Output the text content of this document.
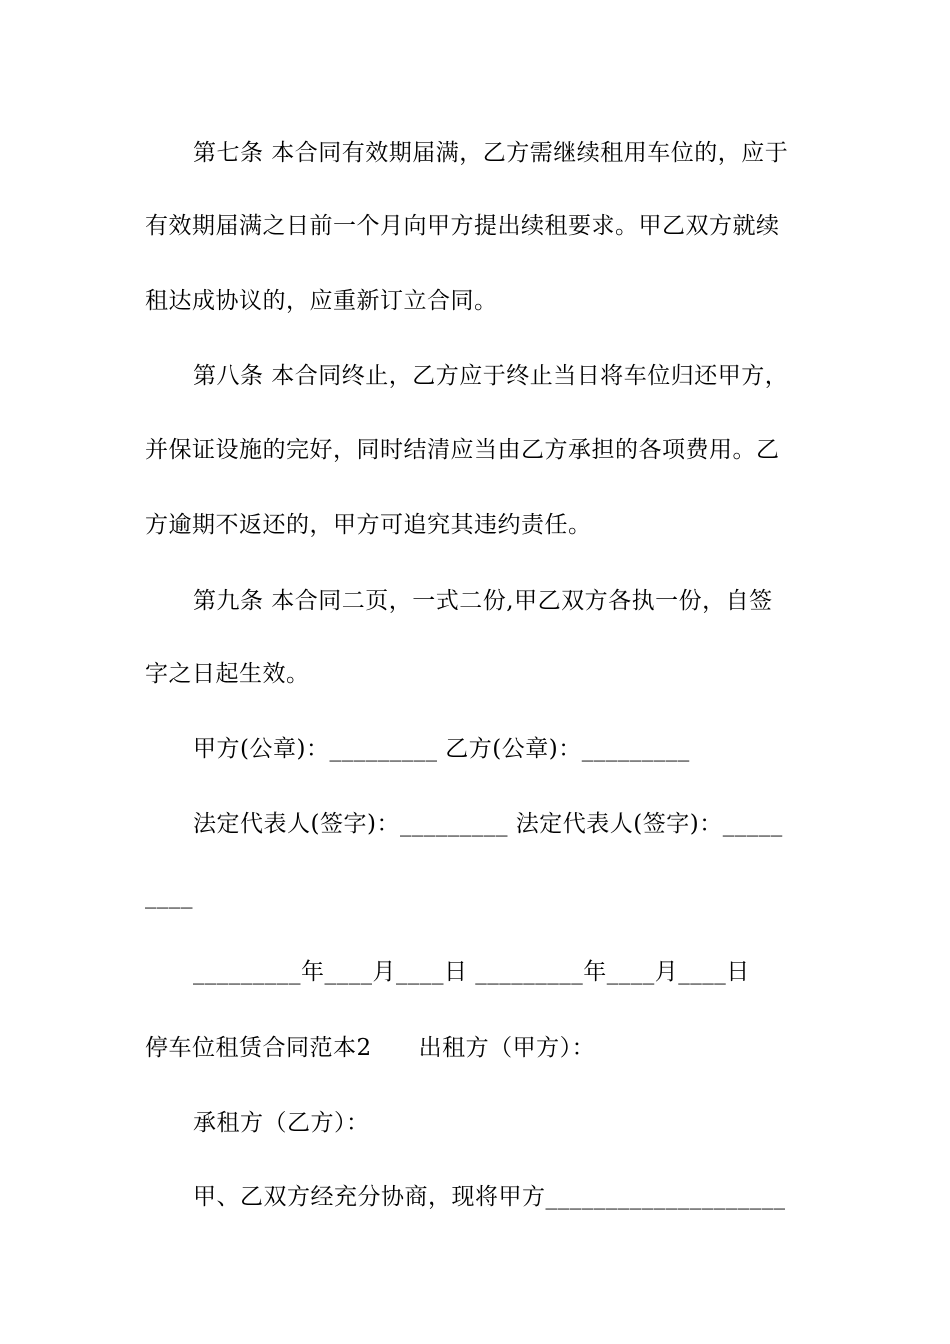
第七条 本合同有效期届满，乙方需继续租用车位的，应于
有效期届满之日前一个月向甲方提出续租要求。甲乙双方就续
租达成协议的，应重新订立合同。
第八条 本合同终止，乙方应于终止当日将车位归还甲方，
并保证设施的完好，同时结清应当由乙方承担的各项费用。乙
方逾期不返还的，甲方可追究其违约责任。
第九条 本合同二页，一式二份,甲乙双方各执一份，自签
字之日起生效。
甲方(公章)：_________ 乙方(公章)：_________
法定代表人(签字)：_________ 法定代表人(签字)：_____
____
_________年____月____日 _________年____月____日
停车位租赁合同范本2　　出租方（甲方）：
承租方（乙方）：
甲、乙双方经充分协商，现将甲方____________________
